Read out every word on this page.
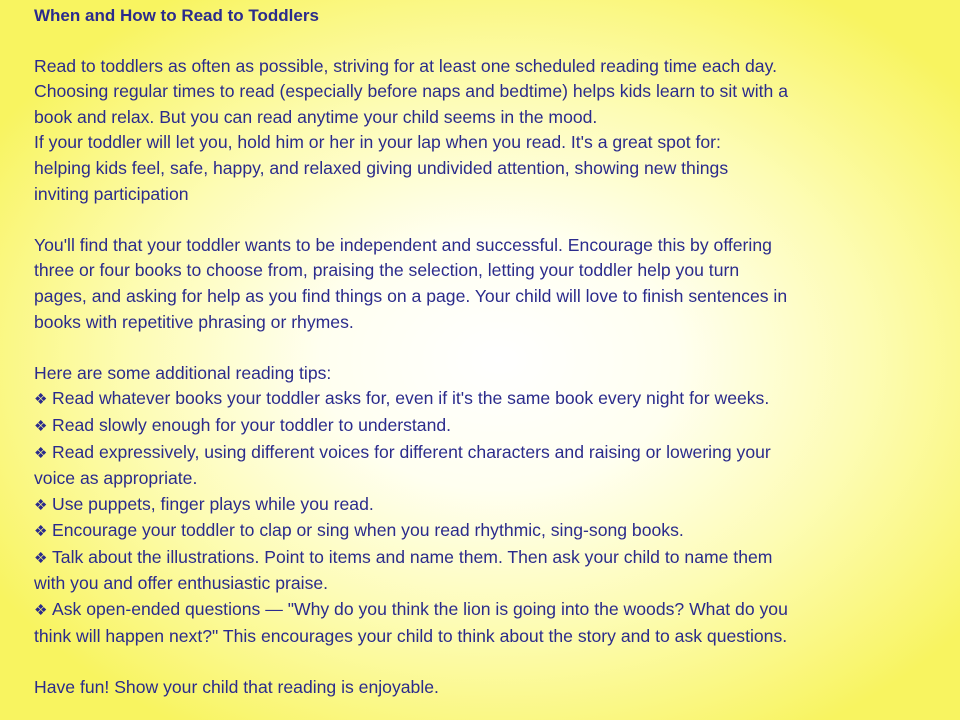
When and How to Read to Toddlers
Read to toddlers as often as possible, striving for at least one scheduled reading time each day.
Choosing regular times to read (especially before naps and bedtime) helps kids learn to sit with a
book and relax. But you can read anytime your child seems in the mood.
If your toddler will let you, hold him or her in your lap when you read. It's a great spot for:
helping kids feel, safe, happy, and relaxed giving undivided attention, showing new things
inviting participation
You'll find that your toddler wants to be independent and successful. Encourage this by offering
three or four books to choose from, praising the selection, letting your toddler help you turn
pages, and asking for help as you find things on a page. Your child will love to finish sentences in
books with repetitive phrasing or rhymes.
Here are some additional reading tips:
❖ Read whatever books your toddler asks for, even if it's the same book every night for weeks.
❖ Read slowly enough for your toddler to understand.
❖ Read expressively, using different voices for different characters and raising or lowering your
voice as appropriate.
❖ Use puppets, finger plays while you read.
❖ Encourage your toddler to clap or sing when you read rhythmic, sing-song books.
❖ Talk about the illustrations. Point to items and name them. Then ask your child to name them
with you and offer enthusiastic praise.
❖ Ask open-ended questions — "Why do you think the lion is going into the woods? What do you
think will happen next?" This encourages your child to think about the story and to ask questions.
Have fun! Show your child that reading is enjoyable.
